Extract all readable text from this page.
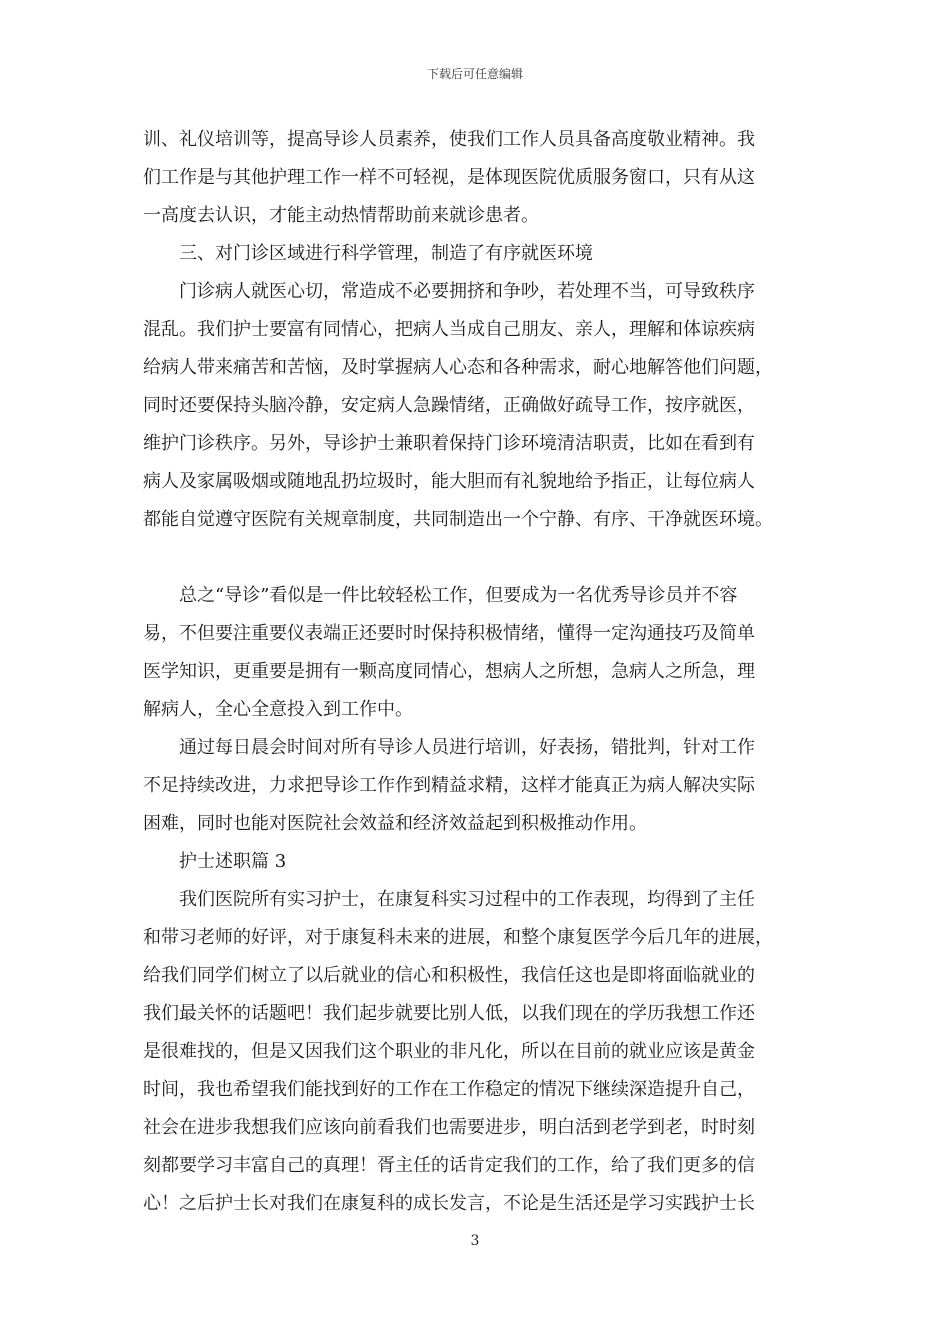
下载后可任意编辑
训、礼仪培训等，提高导诊人员素养，使我们工作人员具备高度敬业精神。我
们工作是与其他护理工作一样不可轻视，是体现医院优质服务窗口，只有从这
一高度去认识，才能主动热情帮助前来就诊患者。
三、对门诊区域进行科学管理，制造了有序就医环境
门诊病人就医心切，常造成不必要拥挤和争吵，若处理不当，可导致秩序
混乱。我们护士要富有同情心，把病人当成自己朋友、亲人，理解和体谅疾病
给病人带来痛苦和苦恼，及时掌握病人心态和各种需求，耐心地解答他们问题，
同时还要保持头脑冷静，安定病人急躁情绪，正确做好疏导工作，按序就医，
维护门诊秩序。另外，导诊护士兼职着保持门诊环境清洁职责，比如在看到有
病人及家属吸烟或随地乱扔垃圾时，能大胆而有礼貌地给予指正，让每位病人
都能自觉遵守医院有关规章制度，共同制造出一个宁静、有序、干净就医环境。
总之“导诊”看似是一件比较轻松工作，但要成为一名优秀导诊员并不容
易，不但要注重要仪表端正还要时时保持积极情绪，懂得一定沟通技巧及简单
医学知识，更重要是拥有一颗高度同情心，想病人之所想，急病人之所急，理
解病人，全心全意投入到工作中。
通过每日晨会时间对所有导诊人员进行培训，好表扬，错批判，针对工作
不足持续改进，力求把导诊工作作到精益求精，这样才能真正为病人解决实际
困难，同时也能对医院社会效益和经济效益起到积极推动作用。
护士述职篇 3
我们医院所有实习护士，在康复科实习过程中的工作表现，均得到了主任
和带习老师的好评，对于康复科未来的进展，和整个康复医学今后几年的进展，
给我们同学们树立了以后就业的信心和积极性，我信任这也是即将面临就业的
我们最关怀的话题吧！我们起步就要比别人低，以我们现在的学历我想工作还
是很难找的，但是又因我们这个职业的非凡化，所以在目前的就业应该是黄金
时间，我也希望我们能找到好的工作在工作稳定的情况下继续深造提升自己，
社会在进步我想我们应该向前看我们也需要进步，明白活到老学到老，时时刻
刻都要学习丰富自己的真理！胥主任的话肯定我们的工作，给了我们更多的信
心！之后护士长对我们在康复科的成长发言，不论是生活还是学习实践护士长
3
